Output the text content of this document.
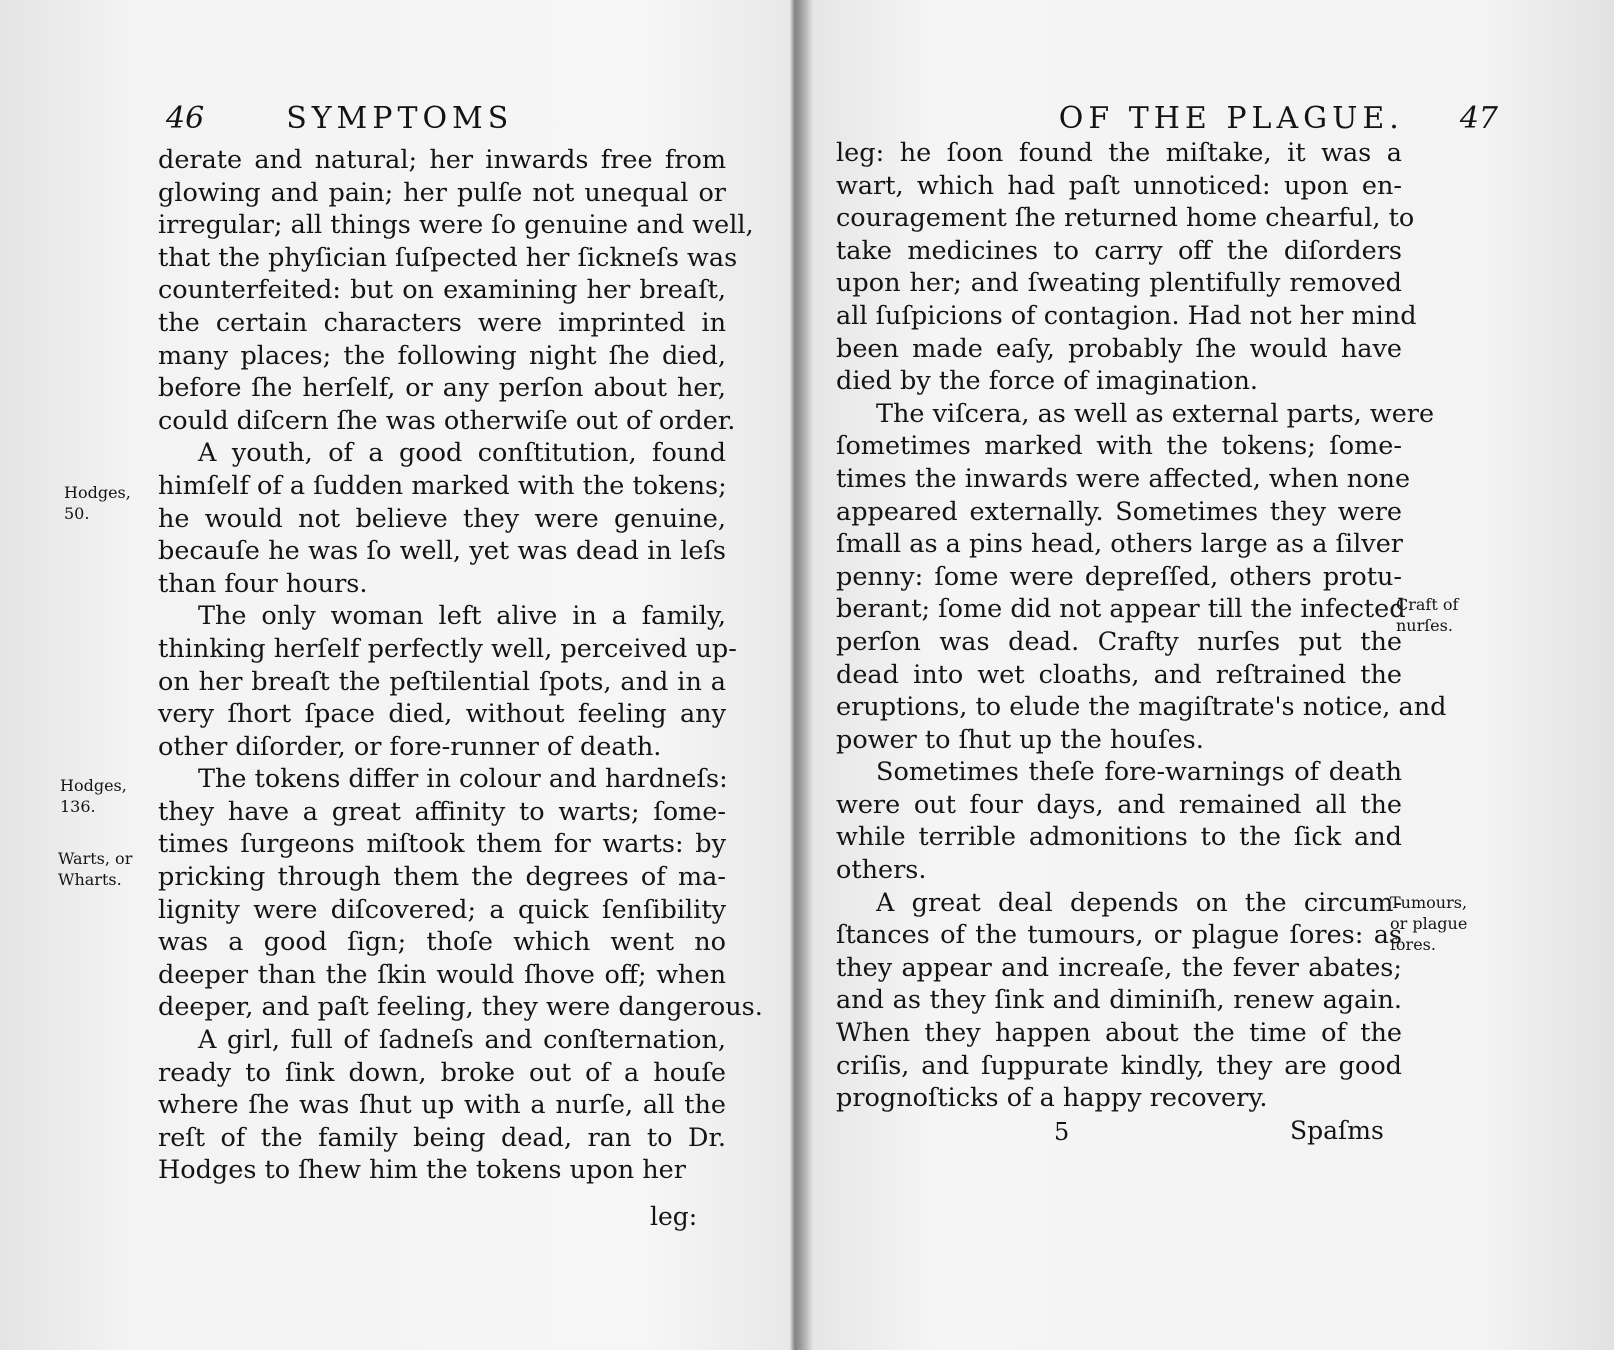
46	SYMPTOMS
derate and natural; her inwards free from
glowing and pain; her pulſe not unequal or
irregular; all things were ſo genuine and well,
that the phyſician ſuſpected her ſickneſs was
counterfeited: but on examining her breaſt,
the certain characters were imprinted in
many places; the following night ſhe died,
before ſhe herſelf, or any perſon about her,
could diſcern ſhe was otherwiſe out of order.
A youth, of a good conſtitution, found
himſelf of a ſudden marked with the tokens;
he would not believe they were genuine,
becauſe he was ſo well, yet was dead in leſs
than four hours.
The only woman left alive in a family,
thinking herſelf perfectly well, perceived up-
on her breaſt the peſtilential ſpots, and in a
very ſhort ſpace died, without feeling any
other diſorder, or fore-runner of death.
The tokens differ in colour and hardneſs:
they have a great affinity to warts; ſome-
times ſurgeons miſtook them for warts: by
pricking through them the degrees of ma-
lignity were diſcovered; a quick ſenſibility
was a good ſign; thoſe which went no
deeper than the ſkin would ſhove off; when
deeper, and paſt feeling, they were dangerous.
A girl, full of ſadneſs and conſternation,
ready to ſink down, broke out of a houſe
where ſhe was ſhut up with a nurſe, all the
reſt of the family being dead, ran to Dr.
Hodges to ſhew him the tokens upon her
Hodges,
50.
Hodges,
136.
Warts, or
Wharts.
leg:
OF THE PLAGUE. 47
leg: he ſoon found the miſtake, it was a
wart, which had paſt unnoticed: upon en-
couragement ſhe returned home chearful, to
take medicines to carry off the diſorders
upon her; and ſweating plentifully removed
all ſuſpicions of contagion. Had not her mind
been made eaſy, probably ſhe would have
died by the force of imagination.
The viſcera, as well as external parts, were
ſometimes marked with the tokens; ſome-
times the inwards were affected, when none
appeared externally. Sometimes they were
ſmall as a pins head, others large as a ſilver
penny: ſome were depreſſed, others protu-
berant; ſome did not appear till the infected
perſon was dead. Crafty nurſes put the
dead into wet cloaths, and reſtrained the
eruptions, to elude the magiſtrate's notice, and
power to ſhut up the houſes.
Sometimes theſe fore-warnings of death
were out four days, and remained all the
while terrible admonitions to the ſick and
others.
A great deal depends on the circum-
ſtances of the tumours, or plague ſores: as
they appear and increaſe, the fever abates;
and as they ſink and diminiſh, renew again.
When they happen about the time of the
criſis, and ſuppurate kindly, they are good
prognoſticks of a happy recovery.
Craft of
nurſes.
Tumours,
or plague
ſores.
5	Spaſms
